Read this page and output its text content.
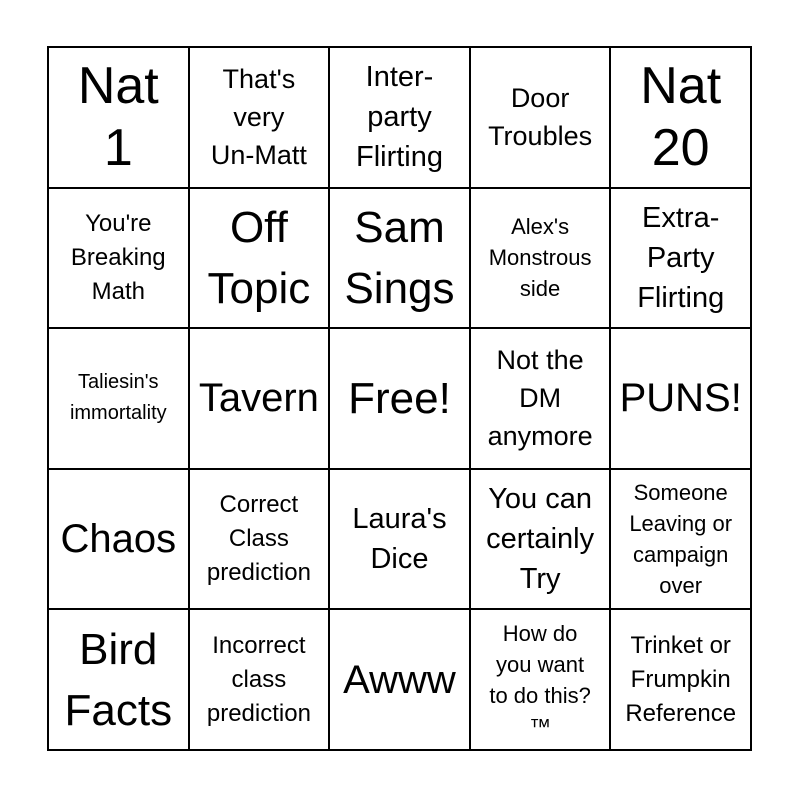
Nat
1
That's
very
Un-Matt
Inter-
party
Flirting
Door
Troubles
Nat
20
You're
Breaking
Math
Off
Topic
Sam
Sings
Alex's
Monstrous
side
Extra-
Party
Flirting
Taliesin's
immortality Tavern Free!
Not the
DM
anymore
PUNS!
Chaos
Correct
Class
prediction
Laura's
Dice
You can
certainly
Try
Someone
Leaving or
campaign
over
Bird
Facts
Incorrect
class
prediction
Awww
How do
you want
to do this?
™
Trinket or
Frumpkin
Reference
